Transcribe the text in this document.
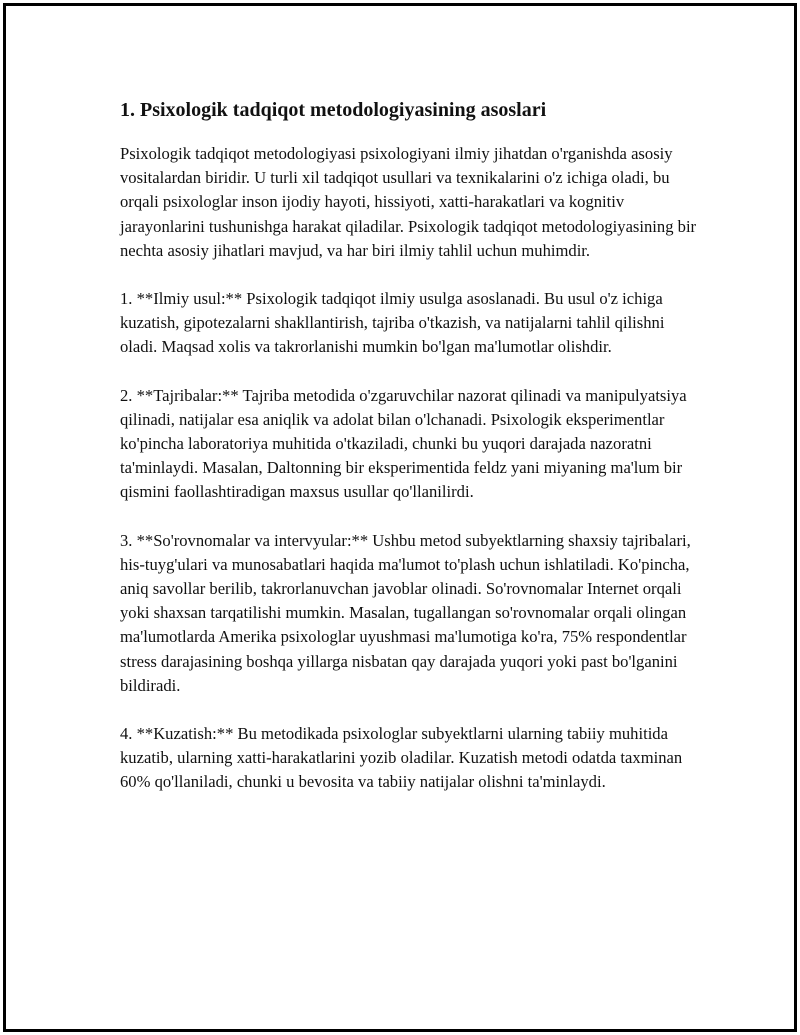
1. Psixologik tadqiqot metodologiyasining asoslari

Psixologik tadqiqot metodologiyasi psixologiyani ilmiy jihatdan o'rganishda asosiy vositalardan biridir. U turli xil tadqiqot usullari va texnikalarini o'z ichiga oladi, bu orqali psixologlar inson ijodiy hayoti, hissiyoti, xatti-harakatlari va kognitiv jarayonlarini tushunishga harakat qiladilar. Psixologik tadqiqot metodologiyasining bir nechta asosiy jihatlari mavjud, va har biri ilmiy tahlil uchun muhimdir.

1. **Ilmiy usul:** Psixologik tadqiqot ilmiy usulga asoslanadi. Bu usul o'z ichiga kuzatish, gipotezalarni shakllantirish, tajriba o'tkazish, va natijalarni tahlil qilishni oladi. Maqsad xolis va takrorlanishi mumkin bo'lgan ma'lumotlar olishdir.

2. **Tajribalar:** Tajriba metodida o'zgaruvchilar nazorat qilinadi va manipulyatsiya qilinadi, natijalar esa aniqlik va adolat bilan o'lchanadi. Psixologik eksperimentlar ko'pincha laboratoriya muhitida o'tkaziladi, chunki bu yuqori darajada nazoratni ta'minlaydi. Masalan, Daltonning bir eksperimentida feldz yani miyaning ma'lum bir qismini faollashtiradigan maxsus usullar qo'llanilirdi.

3. **So'rovnomalar va intervyular:** Ushbu metod subyektlarning shaxsiy tajribalari, his-tuyg'ulari va munosabatlari haqida ma'lumot to'plash uchun ishlatiladi. Ko'pincha, aniq savollar berilib, takrorlanuvchan javoblar olinadi. So'rovnomalar Internet orqali yoki shaxsan tarqatilishi mumkin. Masalan, tugallangan so'rovnomalar orqali olingan ma'lumotlarda Amerika psixologlar uyushmasi ma'lumotiga ko'ra, 75% respondentlar stress darajasining boshqa yillarga nisbatan qay darajada yuqori yoki past bo'lganini bildiradi.

4. **Kuzatish:** Bu metodikada psixologlar subyektlarni ularning tabiiy muhitida kuzatib, ularning xatti-harakatlarini yozib oladilar. Kuzatish metodi odatda taxminan 60% qo'llaniladi, chunki u bevosita va tabiiy natijalar olishni ta'minlaydi.
